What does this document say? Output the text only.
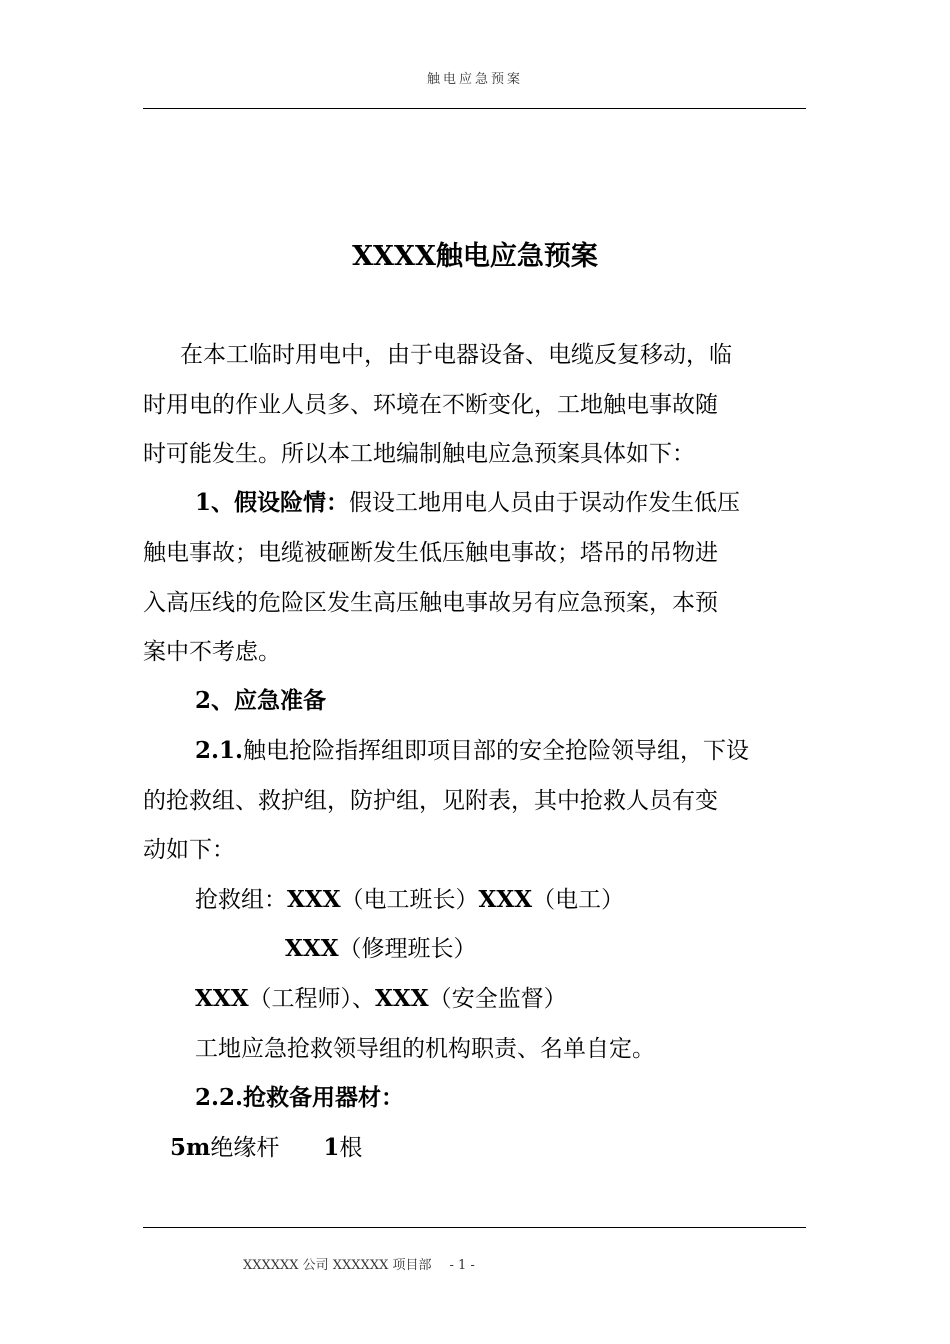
触电应急预案
XXXX触电应急预案
在本工临时用电中，由于电器设备、电缆反复移动，临
时用电的作业人员多、环境在不断变化，工地触电事故随
时可能发生。所以本工地编制触电应急预案具体如下：
1、假设险情：假设工地用电人员由于误动作发生低压
触电事故；电缆被砸断发生低压触电事故；塔吊的吊物进
入高压线的危险区发生高压触电事故另有应急预案，本预
案中不考虑。
2、应急准备
2.1.触电抢险指挥组即项目部的安全抢险领导组，下设
的抢救组、救护组，防护组，见附表，其中抢救人员有变
动如下：
抢救组：XXX（电工班长）XXX（电工）
XXX（修理班长）
XXX（工程师）、XXX（安全监督）
工地应急抢救领导组的机构职责、名单自定。
2.2.抢救备用器材：
5m绝缘杆 1根
XXXXXX 公司 XXXXXX 项目部 - 1 -
